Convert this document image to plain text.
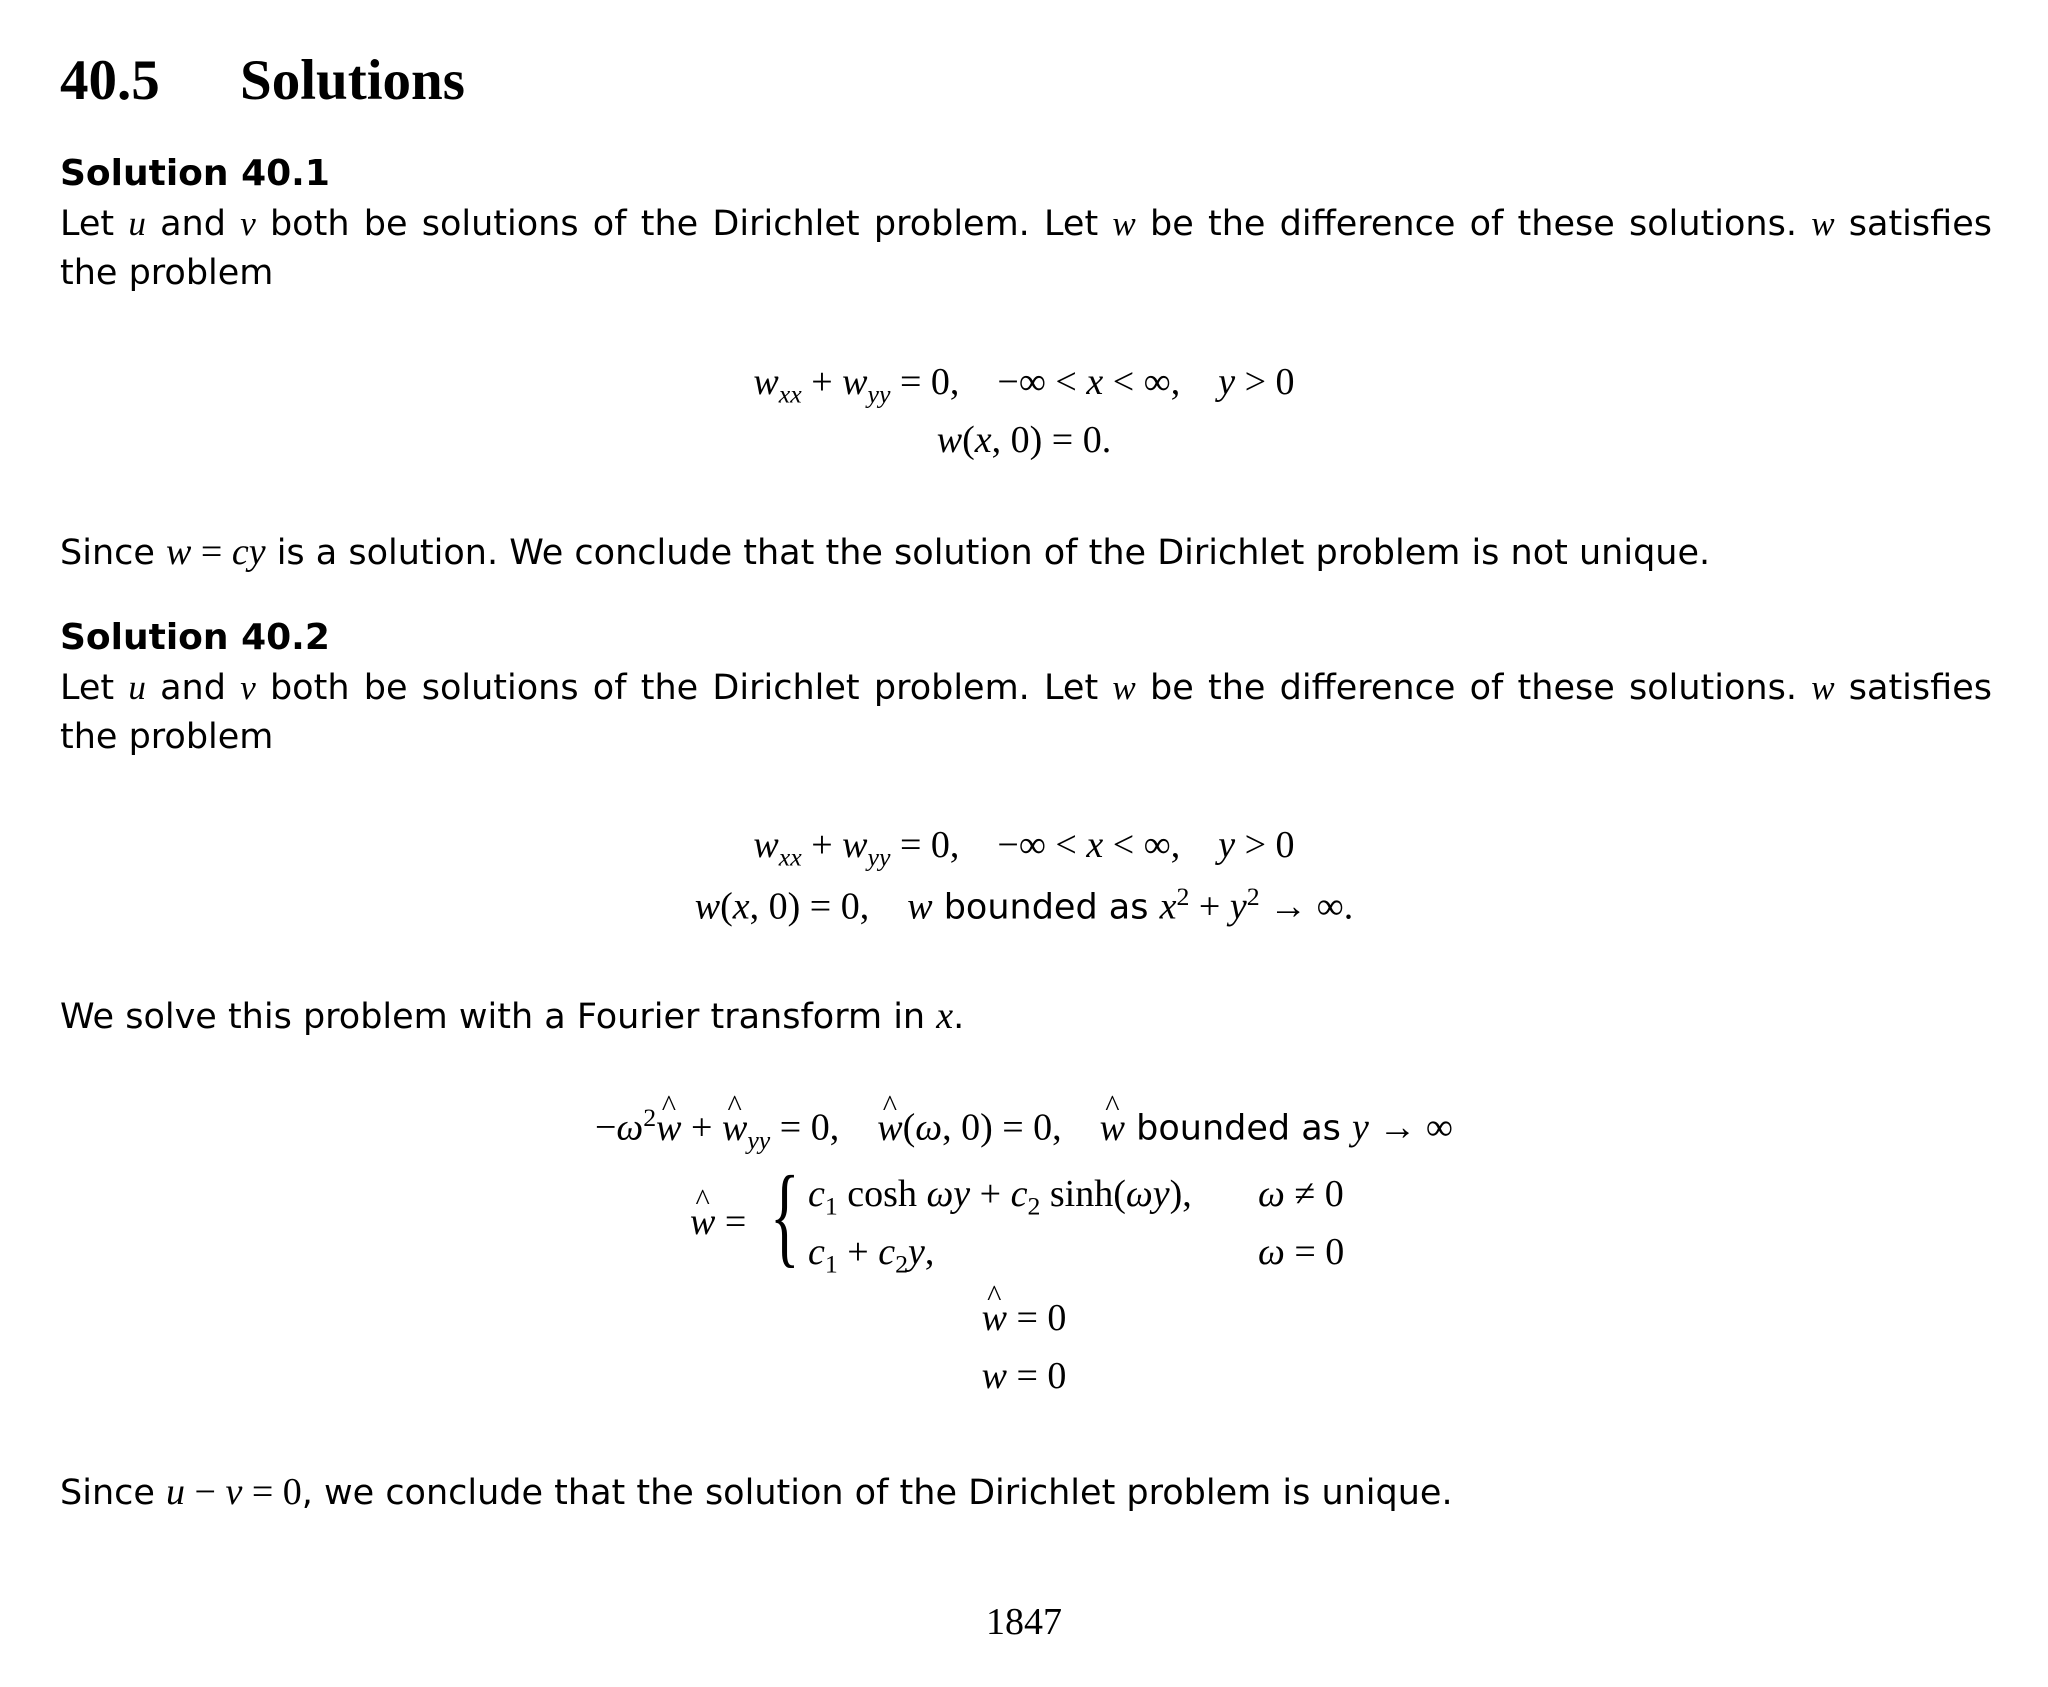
40.5 Solutions
Solution 40.1
Let u and v both be solutions of the Dirichlet problem. Let w be the difference of these solutions. w satisfies the problem
$w_{xx} + w_{yy} = 0$, −∞ < x < ∞, y > 0
w(x, 0) = 0.
Since w = cy is a solution. We conclude that the solution of the Dirichlet problem is not unique.
Solution 40.2
Let u and v both be solutions of the Dirichlet problem. Let w be the difference of these solutions. w satisfies the problem
$w_{xx} + w_{yy} = 0$, −∞ < x < ∞, y > 0
w(x, 0) = 0, w bounded as $x^2 + y^2$ → ∞.
We solve this problem with a Fourier transform in x.
$-\omega^2w$ ^ + w $\^{}_{yy} = 0$, w ^(ω, 0) = 0, w ^ bounded as y → ∞
w ^ = { $c_1$ $\cosh \omega y + c_2$ sinh(ωy), ω ≠ 0
$c_1 + c_2y$,	ω = 0
w ^ = 0
w = 0
Since u − v = 0, we conclude that the solution of the Dirichlet problem is unique.
1847
